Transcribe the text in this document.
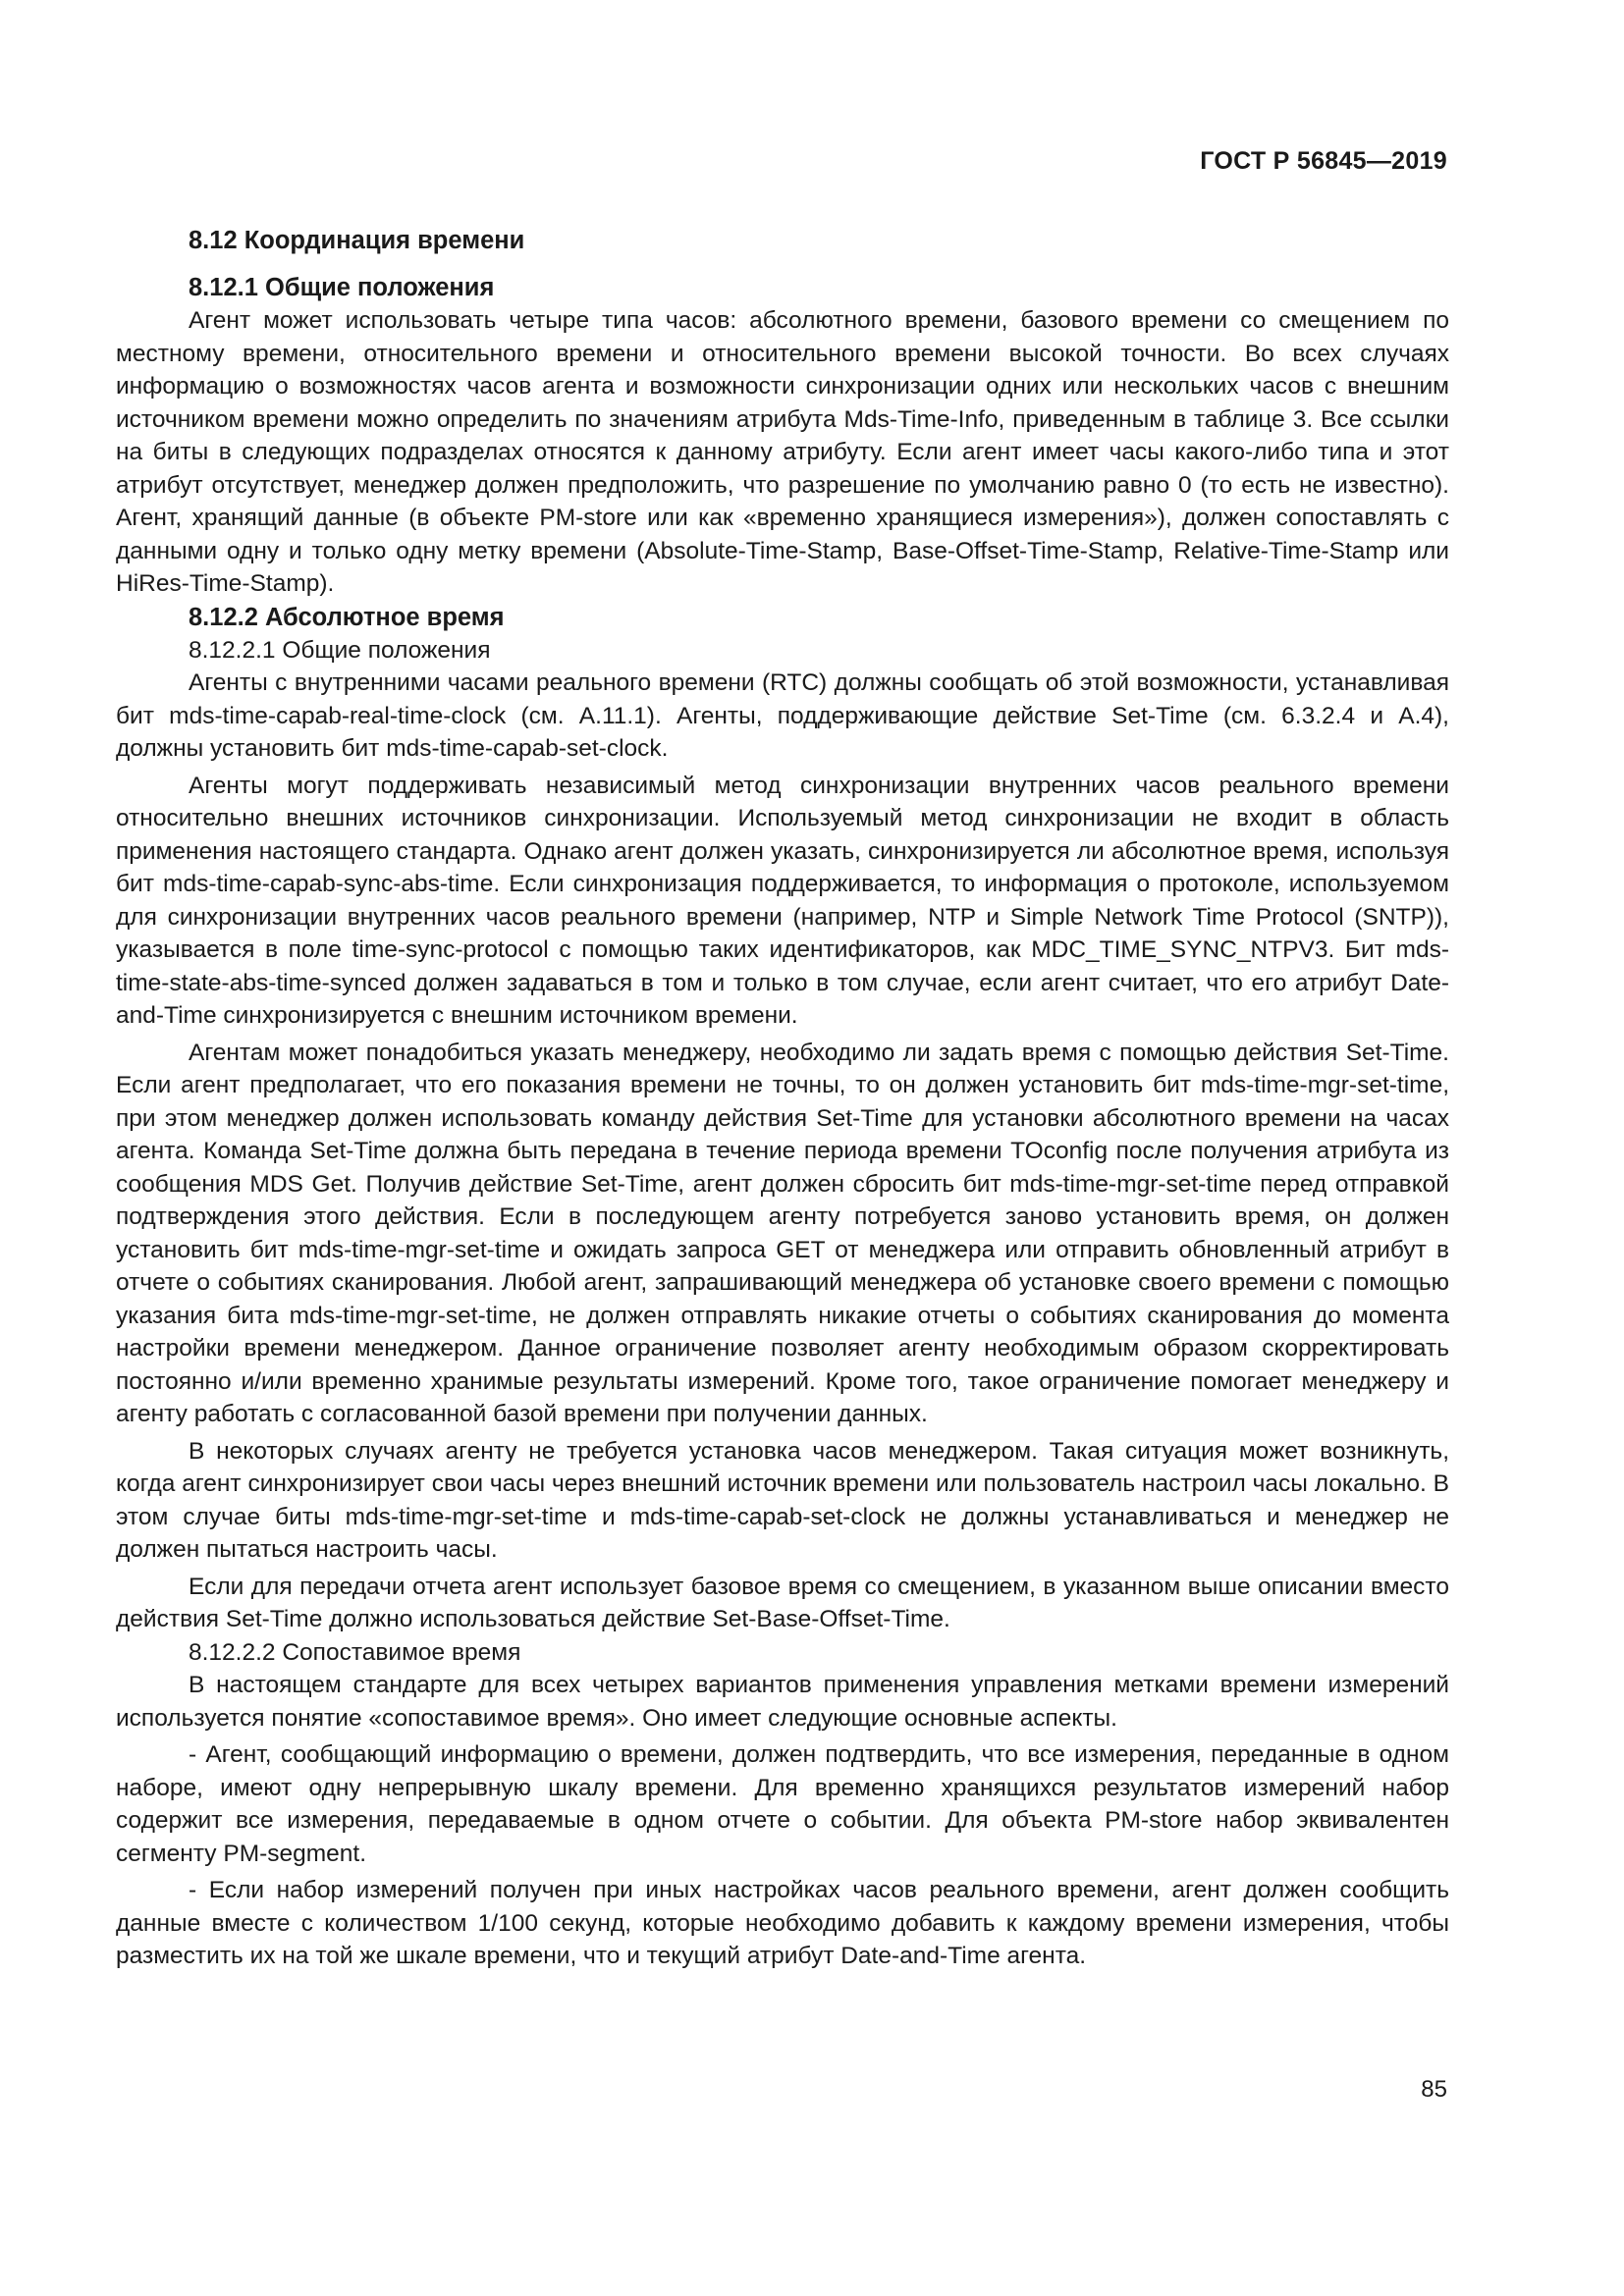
ГОСТ Р 56845—2019
8.12 Координация времени
8.12.1 Общие положения

Агент может использовать четыре типа часов: абсолютного времени, базового времени со смещением по местному времени, относительного времени и относительного времени высокой точности. Во всех случаях информацию о возможностях часов агента и возможности синхронизации одних или нескольких часов с внешним источником времени можно определить по значениям атрибута Mds-Time-Info, приведенным в таблице 3. Все ссылки на биты в следующих подразделах относятся к данному атрибуту. Если агент имеет часы какого-либо типа и этот атрибут отсутствует, менеджер должен предположить, что разрешение по умолчанию равно 0 (то есть не известно). Агент, хранящий данные (в объекте PM-store или как «временно хранящиеся измерения»), должен сопоставлять с данными одну и только одну метку времени (Absolute-Time-Stamp, Base-Offset-Time-Stamp, Relative-Time-Stamp или HiRes-Time-Stamp).

8.12.2 Абсолютное время
8.12.2.1 Общие положения

Агенты с внутренними часами реального времени (RTC) должны сообщать об этой возможности, устанавливая бит mds-time-capab-real-time-clock (см. А.11.1). Агенты, поддерживающие действие Set-Time (см. 6.3.2.4 и А.4), должны установить бит mds-time-capab-set-clock.

Агенты могут поддерживать независимый метод синхронизации внутренних часов реального времени относительно внешних источников синхронизации. Используемый метод синхронизации не входит в область применения настоящего стандарта. Однако агент должен указать, синхронизируется ли абсолютное время, используя бит mds-time-capab-sync-abs-time. Если синхронизация поддерживается, то информация о протоколе, используемом для синхронизации внутренних часов реального времени (например, NTP и Simple Network Time Protocol (SNTP)), указывается в поле time-sync-protocol с помощью таких идентификаторов, как MDC_TIME_SYNC_NTPV3. Бит mds-time-state-abs-time-synced должен задаваться в том и только в том случае, если агент считает, что его атрибут Date-and-Time синхронизируется с внешним источником времени.

Агентам может понадобиться указать менеджеру, необходимо ли задать время с помощью действия Set-Time. Если агент предполагает, что его показания времени не точны, то он должен установить бит mds-time-mgr-set-time, при этом менеджер должен использовать команду действия Set-Time для установки абсолютного времени на часах агента. Команда Set-Time должна быть передана в течение периода времени TOconfig после получения атрибута из сообщения MDS Get. Получив действие Set-Time, агент должен сбросить бит mds-time-mgr-set-time перед отправкой подтверждения этого действия. Если в последующем агенту потребуется заново установить время, он должен установить бит mds-time-mgr-set-time и ожидать запроса GET от менеджера или отправить обновленный атрибут в отчете о событиях сканирования. Любой агент, запрашивающий менеджера об установке своего времени с помощью указания бита mds-time-mgr-set-time, не должен отправлять никакие отчеты о событиях сканирования до момента настройки времени менеджером. Данное ограничение позволяет агенту необходимым образом скорректировать постоянно и/или временно хранимые результаты измерений. Кроме того, такое ограничение помогает менеджеру и агенту работать с согласованной базой времени при получении данных.

В некоторых случаях агенту не требуется установка часов менеджером. Такая ситуация может возникнуть, когда агент синхронизирует свои часы через внешний источник времени или пользователь настроил часы локально. В этом случае биты mds-time-mgr-set-time и mds-time-capab-set-clock не должны устанавливаться и менеджер не должен пытаться настроить часы.

Если для передачи отчета агент использует базовое время со смещением, в указанном выше описании вместо действия Set-Time должно использоваться действие Set-Base-Offset-Time.

8.12.2.2 Сопоставимое время

В настоящем стандарте для всех четырех вариантов применения управления метками времени измерений используется понятие «сопоставимое время». Оно имеет следующие основные аспекты.

- Агент, сообщающий информацию о времени, должен подтвердить, что все измерения, переданные в одном наборе, имеют одну непрерывную шкалу времени. Для временно хранящихся результатов измерений набор содержит все измерения, передаваемые в одном отчете о событии. Для объекта PM-store набор эквивалентен сегменту PM-segment.

- Если набор измерений получен при иных настройках часов реального времени, агент должен сообщить данные вместе с количеством 1/100 секунд, которые необходимо добавить к каждому времени измерения, чтобы разместить их на той же шкале времени, что и текущий атрибут Date-and-Time агента.

85
